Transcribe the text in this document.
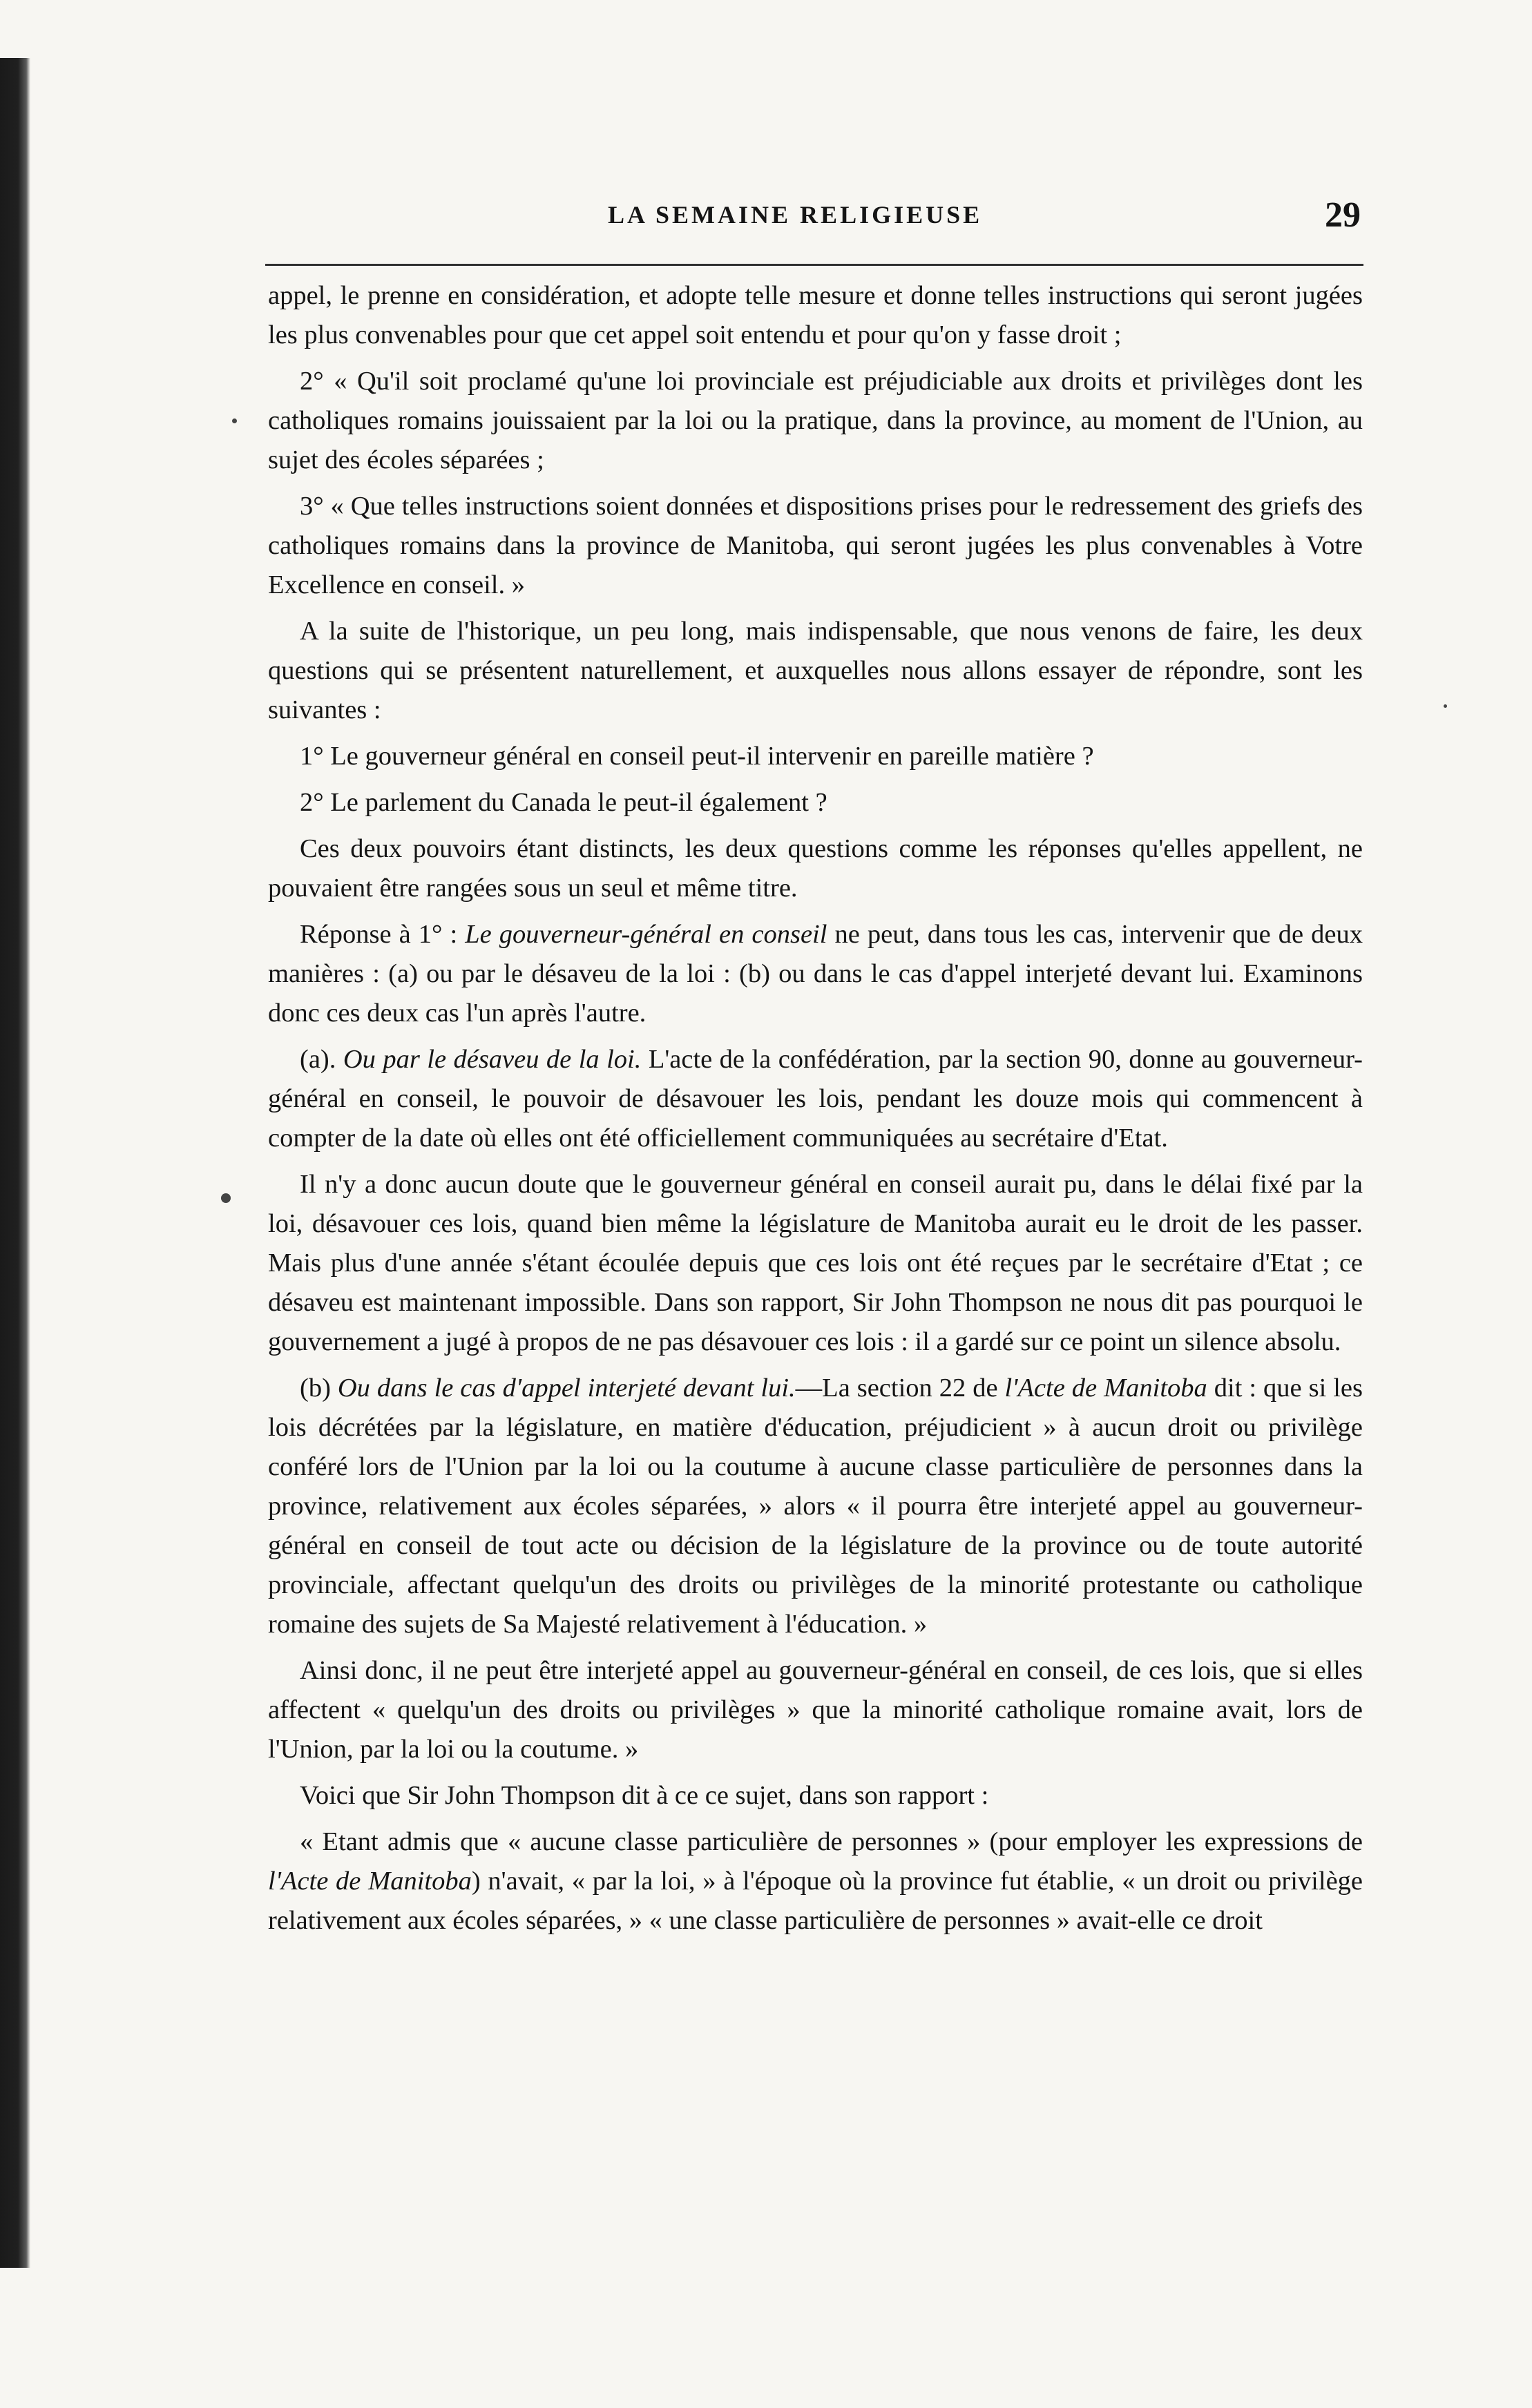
LA SEMAINE RELIGIEUSE	29

appel, le prenne en considération, et adopte telle mesure et donne telles instructions qui seront jugées les plus convenables pour que cet appel soit entendu et pour qu'on y fasse droit ;

2° « Qu'il soit proclamé qu'une loi provinciale est préjudiciable aux droits et privilèges dont les catholiques romains jouissaient par la loi ou la pratique, dans la province, au moment de l'Union, au sujet des écoles séparées ;

3° « Que telles instructions soient données et dispositions prises pour le redressement des griefs des catholiques romains dans la province de Manitoba, qui seront jugées les plus convenables à Votre Excellence en conseil. »

A la suite de l'historique, un peu long, mais indispensable, que nous venons de faire, les deux questions qui se présentent naturellement, et auxquelles nous allons essayer de répondre, sont les suivantes :

1° Le gouverneur général en conseil peut-il intervenir en pareille matière ?

2° Le parlement du Canada le peut-il également ?

Ces deux pouvoirs étant distincts, les deux questions comme les réponses qu'elles appellent, ne pouvaient être rangées sous un seul et même titre.

Réponse à 1° : Le gouverneur-général en conseil ne peut, dans tous les cas, intervenir que de deux manières : (a) ou par le désaveu de la loi : (b) ou dans le cas d'appel interjeté devant lui. Examinons donc ces deux cas l'un après l'autre.

(a). Ou par le désaveu de la loi. L'acte de la confédération, par la section 90, donne au gouverneur-général en conseil, le pouvoir de désavouer les lois, pendant les douze mois qui commencent à compter de la date où elles ont été officiellement communiquées au secrétaire d'Etat.

Il n'y a donc aucun doute que le gouverneur général en conseil aurait pu, dans le délai fixé par la loi, désavouer ces lois, quand bien même la législature de Manitoba aurait eu le droit de les passer. Mais plus d'une année s'étant écoulée depuis que ces lois ont été reçues par le secrétaire d'Etat ; ce désaveu est maintenant impossible. Dans son rapport, Sir John Thompson ne nous dit pas pourquoi le gouvernement a jugé à propos de ne pas désavouer ces lois : il a gardé sur ce point un silence absolu.

(b) Ou dans le cas d'appel interjeté devant lui.—La section 22 de l'Acte de Manitoba dit : que si les lois décrétées par la législature, en matière d'éducation, préjudicient » à aucun droit ou privilège conféré lors de l'Union par la loi ou la coutume à aucune classe particulière de personnes dans la province, relativement aux écoles séparées, » alors « il pourra être interjeté appel au gouverneur-général en conseil de tout acte ou décision de la législature de la province ou de toute autorité provinciale, affectant quelqu'un des droits ou privilèges de la minorité protestante ou catholique romaine des sujets de Sa Majesté relativement à l'éducation. »

Ainsi donc, il ne peut être interjeté appel au gouverneur-général en conseil, de ces lois, que si elles affectent « quelqu'un des droits ou privilèges » que la minorité catholique romaine avait, lors de l'Union, par la loi ou la coutume. »

Voici que Sir John Thompson dit à ce ce sujet, dans son rapport :

« Etant admis que « aucune classe particulière de personnes » (pour employer les expressions de l'Acte de Manitoba) n'avait, « par la loi, » à l'époque où la province fut établie, « un droit ou privilège relativement aux écoles séparées, » « une classe particulière de personnes » avait-elle ce droit
